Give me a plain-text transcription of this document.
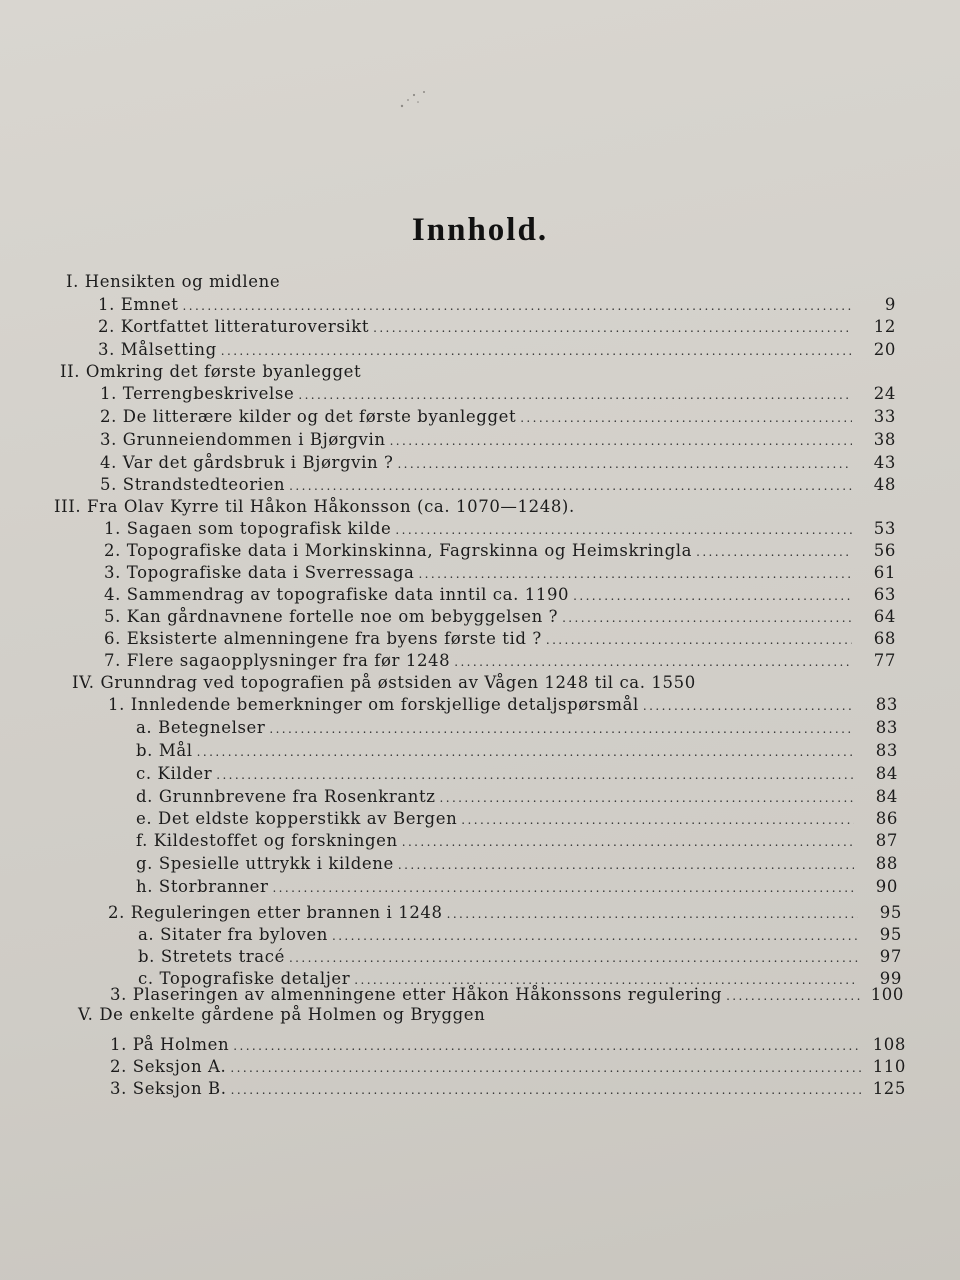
Innhold.
I. Hensikten og midlene
1. Emnet .....	9
2. Kortfattet litteraturoversikt .....	12
3. Målsetting .....	20
II. Omkring det første byanlegget
1. Terrengbeskrivelse .....	24
2. De litterære kilder og det første byanlegget .....	33
3. Grunneiendommen i Bjørgvin .....	38
4. Var det gårdsbruk i Bjørgvin ? .....	43
5. Strandstedteorien .....	48
III. Fra Olav Kyrre til Håkon Håkonsson (ca. 1070—1248).
1. Sagaen som topografisk kilde .....	53
2. Topografiske data i Morkinskinna, Fagrskinna og Heimskringla .....	56
3. Topografiske data i Sverressaga .....	61
4. Sammendrag av topografiske data inntil ca. 1190 .....	63
5. Kan gårdnavnene fortelle noe om bebyggelsen ? .....	64
6. Eksisterte almenningene fra byens første tid ? .....	68
7. Flere sagaopplysninger fra før 1248 .....	77
IV. Grunndrag ved topografien på østsiden av Vågen 1248 til ca. 1550
1. Innledende bemerkninger om forskjellige detaljspørsmål .....	83
a. Betegnelser .....	83
b. Mål .....	83
c. Kilder .....	84
d. Grunnbrevene fra Rosenkrantz .....	84
e. Det eldste kopperstikk av Bergen .....	86
f. Kildestoffet og forskningen .....	87
g. Spesielle uttrykk i kildene .....	88
h. Storbranner .....	90
2. Reguleringen etter brannen i 1248 .....	95
a. Sitater fra byloven .....	95
b. Stretets tracé .....	97
c. Topografiske detaljer .....	99
3. Plaseringen av almenningene etter Håkon Håkonssons regulering .....	100
V. De enkelte gårdene på Holmen og Bryggen
1. På Holmen .....	108
2. Seksjon A. .....	110
3. Seksjon B. .....	125
